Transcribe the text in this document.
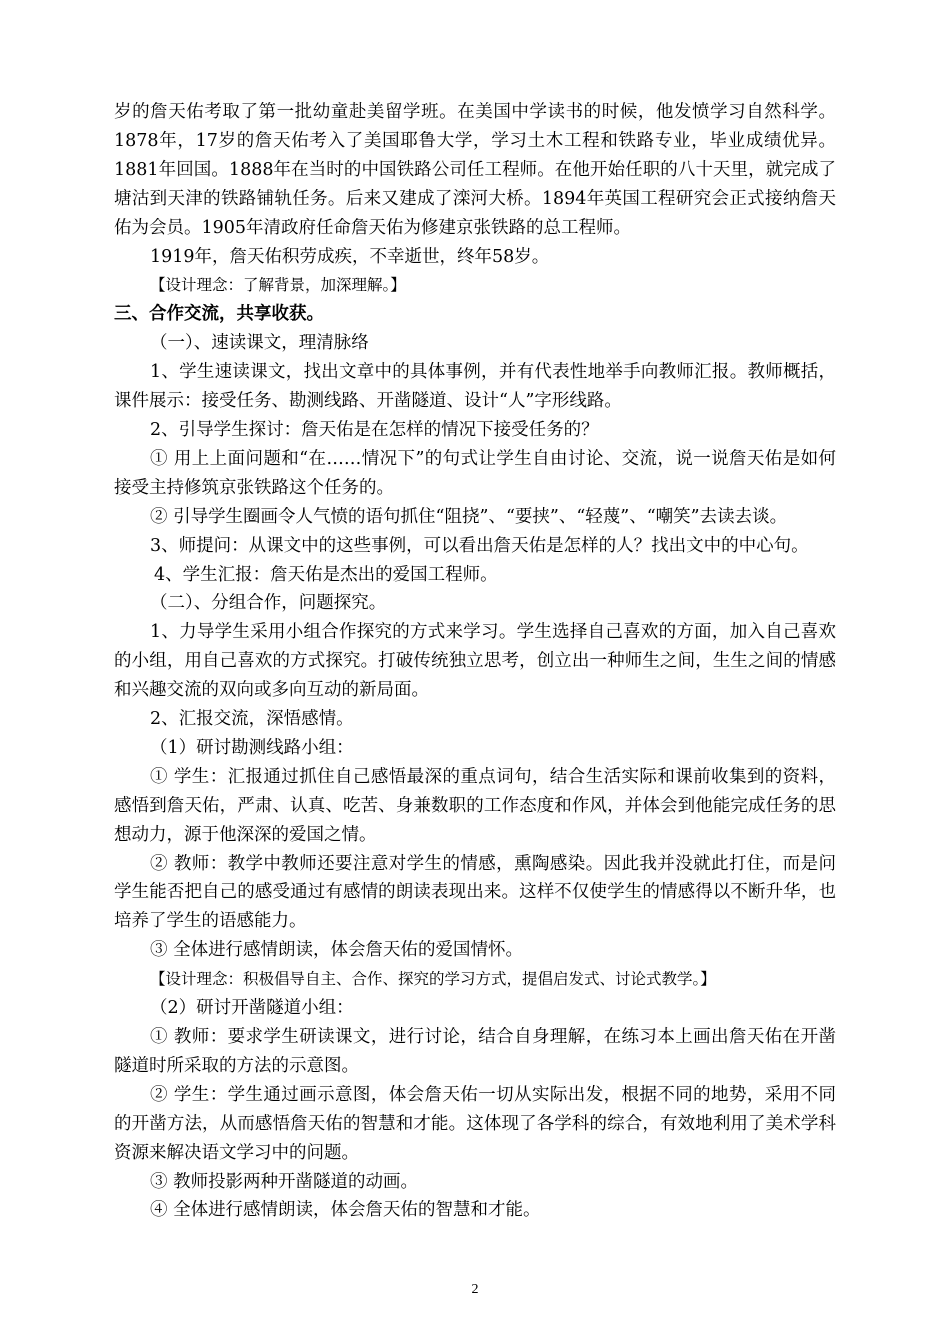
岁的詹天佑考取了第一批幼童赴美留学班。在美国中学读书的时候，他发愤学习自然科学。1878年，17岁的詹天佑考入了美国耶鲁大学，学习土木工程和铁路专业，毕业成绩优异。1881年回国。1888年在当时的中国铁路公司任工程师。在他开始任职的八十天里，就完成了塘沽到天津的铁路铺轨任务。后来又建成了滦河大桥。1894年英国工程研究会正式接纳詹天佑为会员。1905年清政府任命詹天佑为修建京张铁路的总工程师。

1919年，詹天佑积劳成疾，不幸逝世，终年58岁。

【设计理念：了解背景，加深理解。】

三、合作交流，共享收获。

（一）、速读课文，理清脉络

1、学生速读课文，找出文章中的具体事例，并有代表性地举手向教师汇报。教师概括，课件展示：接受任务、勘测线路、开凿隧道、设计“人”字形线路。

2、引导学生探讨：詹天佑是在怎样的情况下接受任务的？

① 用上上面问题和“在……情况下”的句式让学生自由讨论、交流，说一说詹天佑是如何接受主持修筑京张铁路这个任务的。

② 引导学生圈画令人气愤的语句抓住“阻挠”、“要挟”、“轻蔑”、“嘲笑”去读去谈。

3、师提问：从课文中的这些事例，可以看出詹天佑是怎样的人？找出文中的中心句。

4、学生汇报：詹天佑是杰出的爱国工程师。

（二）、分组合作，问题探究。

1、力导学生采用小组合作探究的方式来学习。学生选择自己喜欢的方面，加入自己喜欢的小组，用自己喜欢的方式探究。打破传统独立思考，创立出一种师生之间，生生之间的情感和兴趣交流的双向或多向互动的新局面。

2、汇报交流，深悟感情。

（1）研讨勘测线路小组：

① 学生：汇报通过抓住自己感悟最深的重点词句，结合生活实际和课前收集到的资料，感悟到詹天佑，严肃、认真、吃苦、身兼数职的工作态度和作风，并体会到他能完成任务的思想动力，源于他深深的爱国之情。

② 教师：教学中教师还要注意对学生的情感，熏陶感染。因此我并没就此打住，而是问学生能否把自己的感受通过有感情的朗读表现出来。这样不仅使学生的情感得以不断升华，也培养了学生的语感能力。

③ 全体进行感情朗读，体会詹天佑的爱国情怀。

【设计理念：积极倡导自主、合作、探究的学习方式，提倡启发式、讨论式教学。】

（2）研讨开凿隧道小组：

① 教师：要求学生研读课文，进行讨论，结合自身理解，在练习本上画出詹天佑在开凿隧道时所采取的方法的示意图。

② 学生：学生通过画示意图，体会詹天佑一切从实际出发，根据不同的地势，采用不同的开凿方法，从而感悟詹天佑的智慧和才能。这体现了各学科的综合，有效地利用了美术学科资源来解决语文学习中的问题。

③ 教师投影两种开凿隧道的动画。

④ 全体进行感情朗读，体会詹天佑的智慧和才能。

2
